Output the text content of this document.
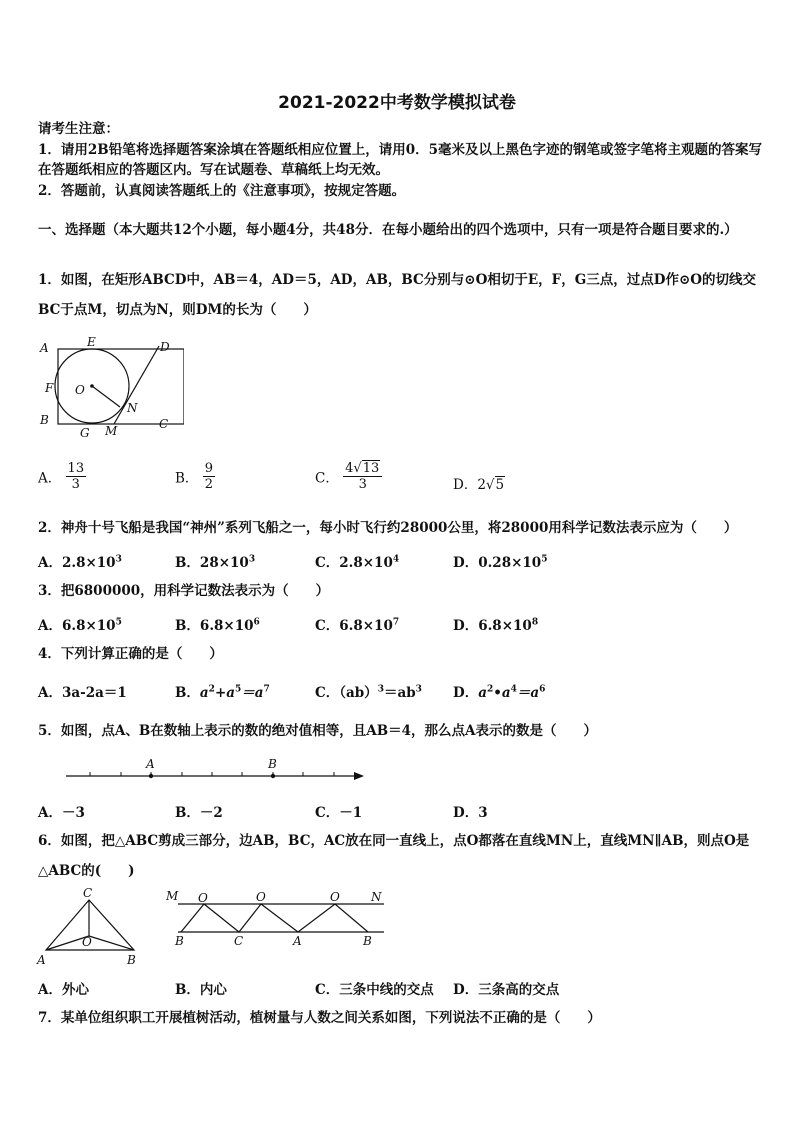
2021-2022中考数学模拟试卷
请考生注意：
1．请用2B铅笔将选择题答案涂填在答题纸相应位置上，请用0．5毫米及以上黑色字迹的钢笔或签字笔将主观题的答案写在答题纸相应的答题区内。写在试题卷、草稿纸上均无效。
2．答题前，认真阅读答题纸上的《注意事项》，按规定答题。
一、选择题（本大题共12个小题，每小题4分，共48分．在每小题给出的四个选项中，只有一项是符合题目要求的.）
1．如图，在矩形ABCD中，AB＝4，AD＝5，AD，AB，BC分别与⊙O相切于E，F，G三点，过点D作⊙O的切线交BC于点M，切点为N，则DM的长为（　　）
A	E	D
F O
N
B
G M	C
A． $\frac{13}{3}$	B． $\frac{9}{2}$	C． $\frac{4√13}{3}$	D．2√5
2．神舟十号飞船是我国“神州”系列飞船之一，每小时飞行约28000公里，将28000用科学记数法表示应为（　　）
A．$2.8\times 10^3$	B．$28\times 10^3$	C．$2.8\times 10^4$	D．$0.28\times 10^5$
3．把6800000，用科学记数法表示为（　　）
A．$6.8\times 10^5$	B．$6.8\times 10^6$	C．$6.8\times 10^7$	D．$6.8\times 10^8$
4．下列计算正确的是（　　）
A．3a-2a＝1	B．$a^2+a^5=a^7$	C．$(ab)^3=ab^3$ D．$a^2•a^4=a^6$
5．如图，点A、B在数轴上表示的数的绝对值相等，且AB＝4，那么点A表示的数是（　　）
A	B
A．－3	B．－2	C．－1	D．3
6．如图，把△ABC剪成三部分，边AB，BC，AC放在同一直线上，点O都落在直线MN上，直线MN∥AB，则点O是△ABC的(　　)
C
O
A	B
M O	O	O	N
B	C	A	B
A．外心	B．内心	C．三条中线的交点 D．三条高的交点
7．某单位组织职工开展植树活动，植树量与人数之间关系如图，下列说法不正确的是（　　）
